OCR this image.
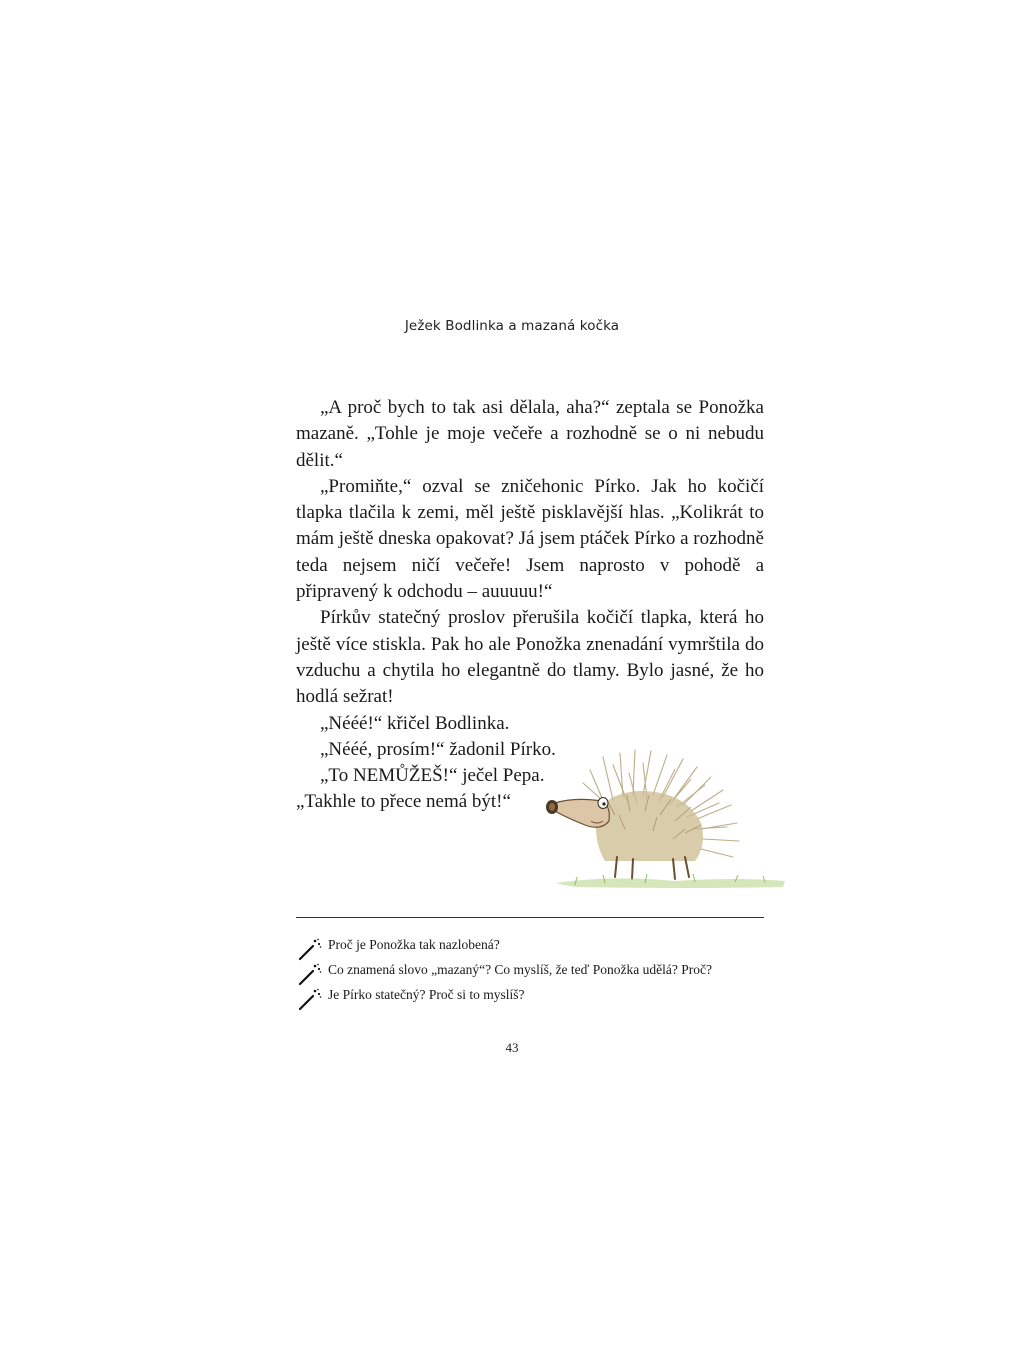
Ježek Bodlinka a mazaná kočka

„A proč bych to tak asi dělala, aha?“ zeptala se Ponožka mazaně. „Tohle je moje večeře a rozhodně se o ni nebudu dělit.“

„Promiňte,“ ozval se zničehonic Pírko. Jak ho kočičí tlapka tlačila k zemi, měl ještě pisklavější hlas. „Kolikrát to mám ještě dneska opakovat? Já jsem ptáček Pírko a rozhodně teda nejsem ničí večeře! Jsem naprosto v pohodě a připravený k odchodu – auuuuu!“

Pírkův statečný proslov přerušila kočičí tlapka, která ho ještě více stiskla. Pak ho ale Ponožka znenadání vymrštila do vzduchu a chytila ho elegantně do tlamy. Bylo jasné, že ho hodlá sežrat!

„Nééé!“ křičel Bodlinka.

„Nééé, prosím!“ žadonil Pírko.

„To NEMŮŽEŠ!“ ječel Pepa.

„Takhle to přece nemá být!“

Proč je Ponožka tak nazlobená?
Co znamená slovo „mazaný“? Co myslíš, že teď Ponožka udělá? Proč?
Je Pírko statečný? Proč si to myslíš?
43
